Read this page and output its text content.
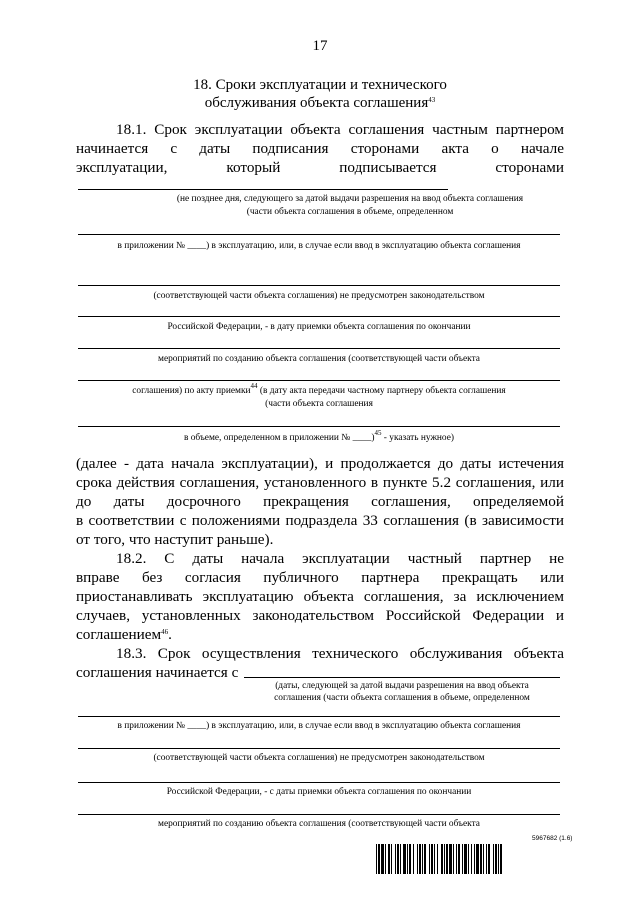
17
18. Сроки эксплуатации и технического
обслуживания объекта соглашения$^{43}$
18.1. Срок эксплуатации объекта соглашения частным партнером
начинается с даты подписания сторонами акта о начале
эксплуатации, который подписывается сторонами
(не позднее дня, следующего за датой выдачи разрешения на ввод объекта соглашения
(части объекта соглашения в объеме, определенном
в приложении № ____) в эксплуатацию, или, в случае если ввод в эксплуатацию объекта соглашения
(соответствующей части объекта соглашения) не предусмотрен законодательством
Российской Федерации, - в дату приемки объекта соглашения по окончании
мероприятий по созданию объекта соглашения (соответствующей части объекта
соглашения) по акту приемки$^{44}$ (в дату акта передачи частному партнеру объекта соглашения
(части объекта соглашения
в объеме, определенном в приложении № ____)$^{45}$ - указать нужное)
(далее - дата начала эксплуатации), и продолжается до даты истечения
срока действия соглашения, установленного в пункте 5.2 соглашения, или
до даты досрочного прекращения соглашения, определяемой
в соответствии с положениями подраздела 33 соглашения (в зависимости
от того, что наступит раньше).
18.2. С даты начала эксплуатации частный партнер не
вправе без согласия публичного партнера прекращать или
приостанавливать эксплуатацию объекта соглашения, за исключением
случаев, установленных законодательством Российской Федерации и
соглашением$^{46}$.
18.3. Срок осуществления технического обслуживания объекта
соглашения начинается с
(даты, следующей за датой выдачи разрешения на ввод объекта
соглашения (части объекта соглашения в объеме, определенном
в приложении № ____) в эксплуатацию, или, в случае если ввод в эксплуатацию объекта соглашения
(соответствующей части объекта соглашения) не предусмотрен законодательством
Российской Федерации, - с даты приемки объекта соглашения по окончании
мероприятий по созданию объекта соглашения (соответствующей части объекта
5967682 (1.6)
